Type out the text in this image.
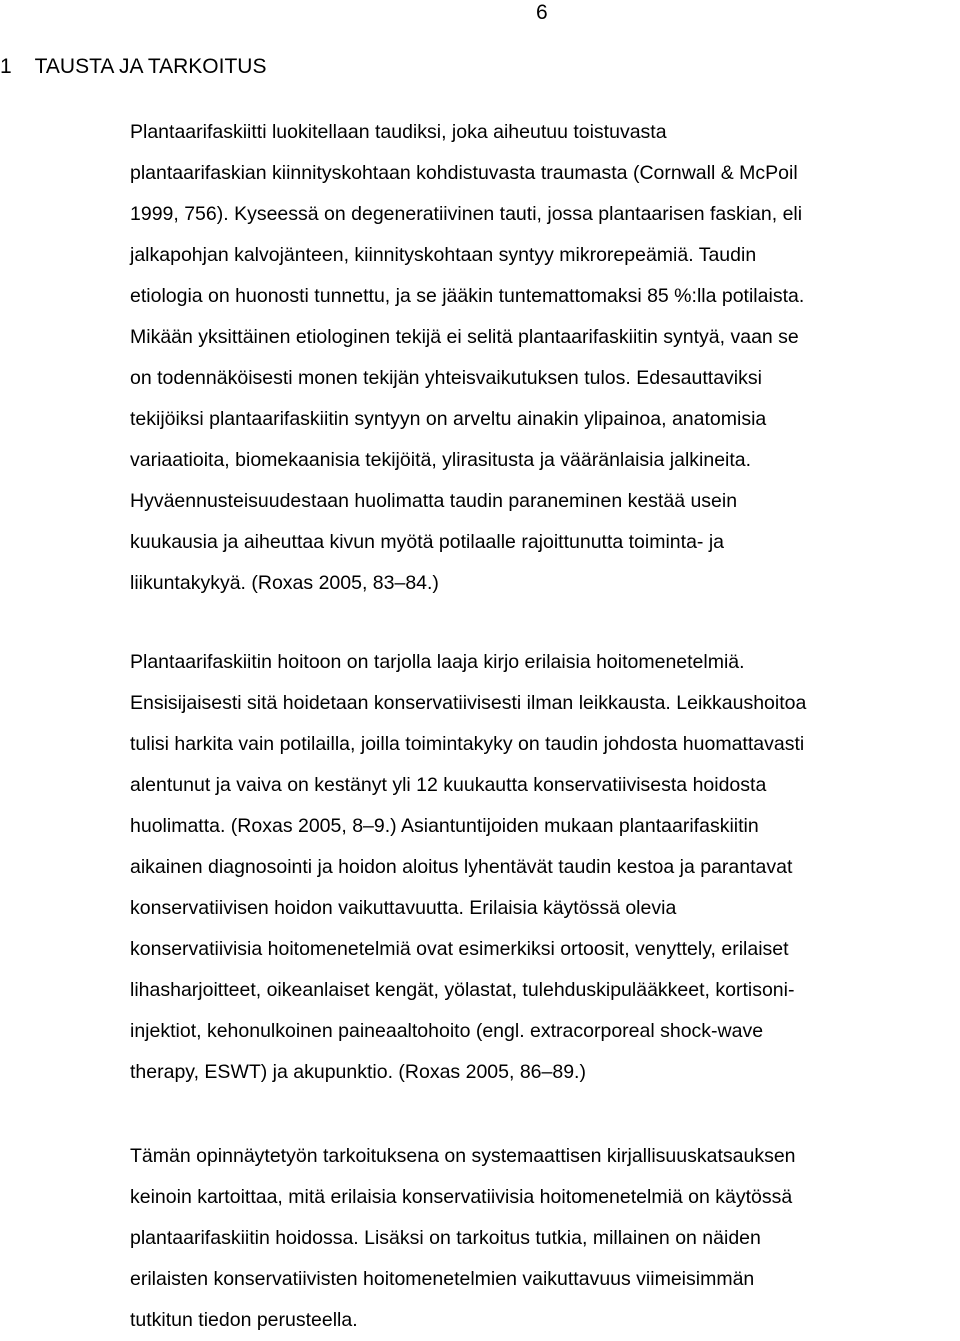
6
1 TAUSTA JA TARKOITUS
Plantaarifaskiitti luokitellaan taudiksi, joka aiheutuu toistuvasta
plantaarifaskian kiinnityskohtaan kohdistuvasta traumasta (Cornwall & McPoil
1999, 756). Kyseessä on degeneratiivinen tauti, jossa plantaarisen faskian, eli
jalkapohjan kalvojänteen, kiinnityskohtaan syntyy mikrorepeämiä. Taudin
etiologia on huonosti tunnettu, ja se jääkin tuntemattomaksi 85 %:lla potilaista.
Mikään yksittäinen etiologinen tekijä ei selitä plantaarifaskiitin syntyä, vaan se
on todennäköisesti monen tekijän yhteisvaikutuksen tulos. Edesauttaviksi
tekijöiksi plantaarifaskiitin syntyyn on arveltu ainakin ylipainoa, anatomisia
variaatioita, biomekaanisia tekijöitä, ylirasitusta ja vääränlaisia jalkineita.
Hyväennusteisuudestaan huolimatta taudin paraneminen kestää usein
kuukausia ja aiheuttaa kivun myötä potilaalle rajoittunutta toiminta- ja
liikuntakykyä. (Roxas 2005, 83–84.)
Plantaarifaskiitin hoitoon on tarjolla laaja kirjo erilaisia hoitomenetelmiä.
Ensisijaisesti sitä hoidetaan konservatiivisesti ilman leikkausta. Leikkaushoitoa
tulisi harkita vain potilailla, joilla toimintakyky on taudin johdosta huomattavasti
alentunut ja vaiva on kestänyt yli 12 kuukautta konservatiivisesta hoidosta
huolimatta. (Roxas 2005, 8–9.) Asiantuntijoiden mukaan plantaarifaskiitin
aikainen diagnosointi ja hoidon aloitus lyhentävät taudin kestoa ja parantavat
konservatiivisen hoidon vaikuttavuutta. Erilaisia käytössä olevia
konservatiivisia hoitomenetelmiä ovat esimerkiksi ortoosit, venyttely, erilaiset
lihasharjoitteet, oikeanlaiset kengät, yölastat, tulehduskipulääkkeet, kortisoni-
injektiot, kehonulkoinen paineaaltohoito (engl. extracorporeal shock-wave
therapy, ESWT) ja akupunktio. (Roxas 2005, 86–89.)
Tämän opinnäytetyön tarkoituksena on systemaattisen kirjallisuuskatsauksen
keinoin kartoittaa, mitä erilaisia konservatiivisia hoitomenetelmiä on käytössä
plantaarifaskiitin hoidossa. Lisäksi on tarkoitus tutkia, millainen on näiden
erilaisten konservatiivisten hoitomenetelmien vaikuttavuus viimeisimmän
tutkitun tiedon perusteella.
